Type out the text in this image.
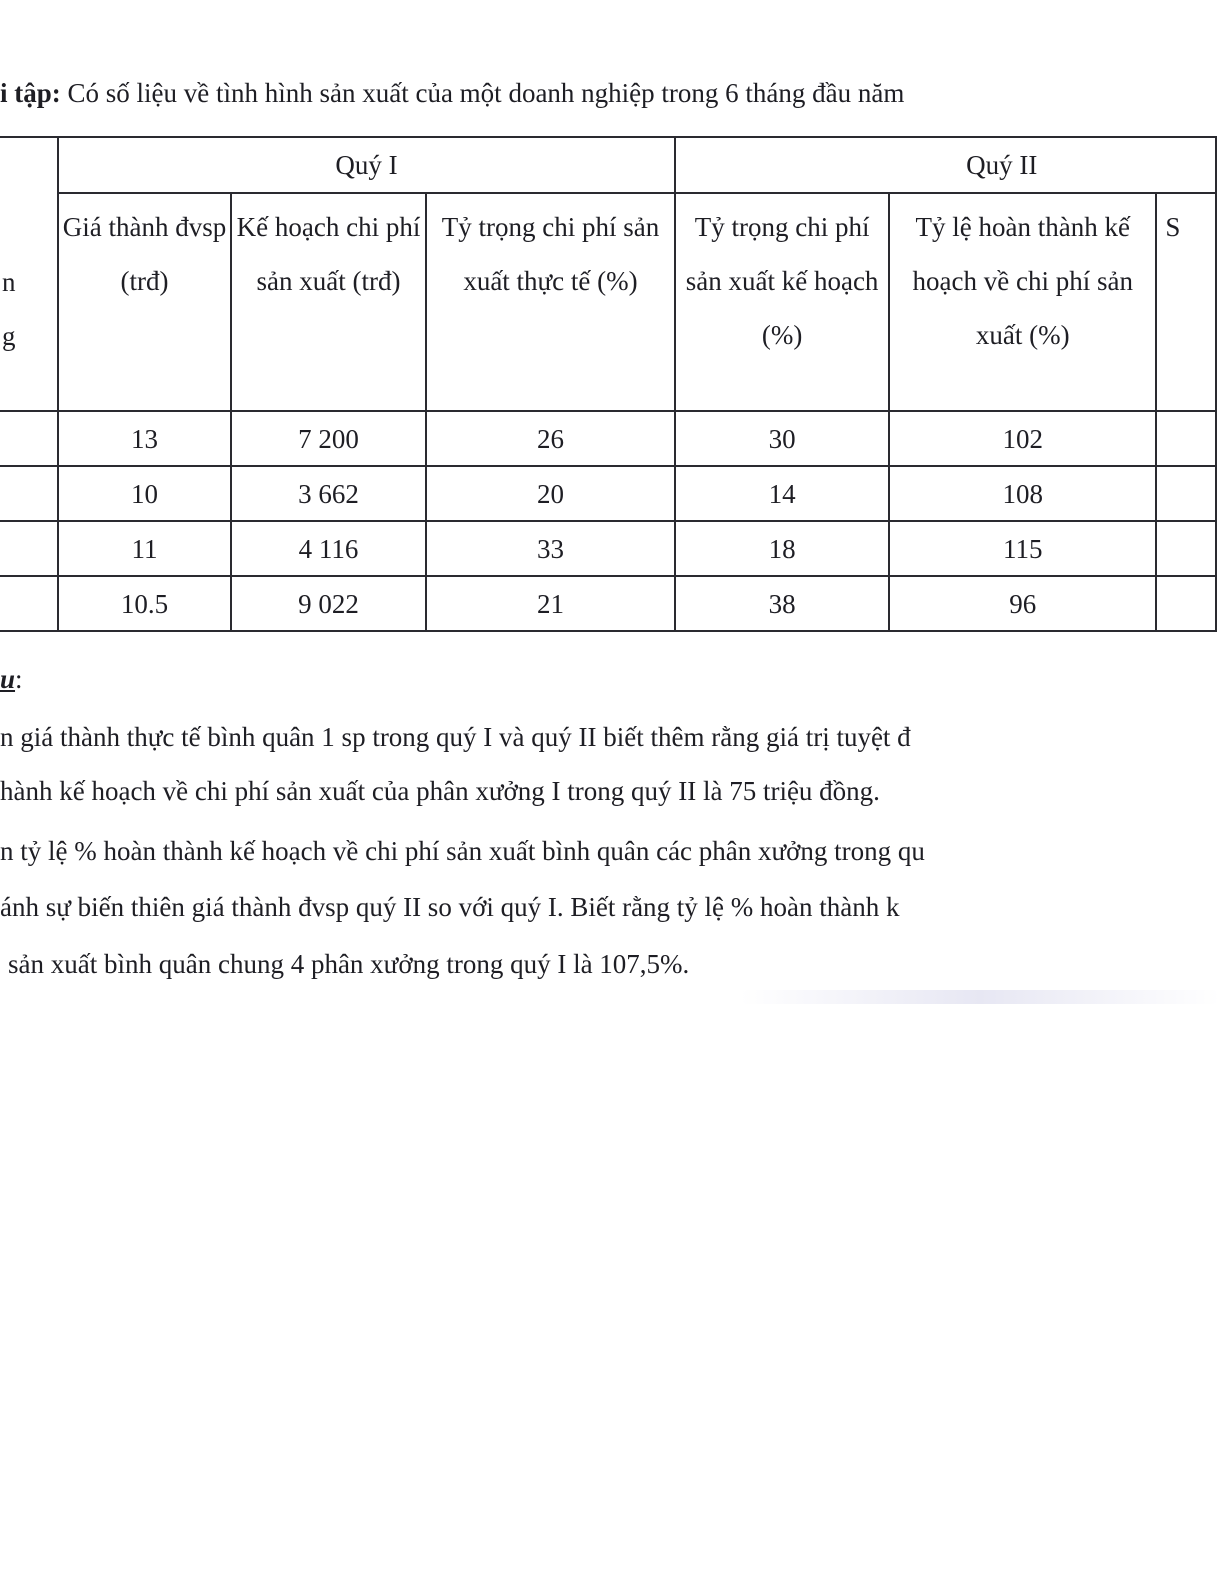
i tập: Có số liệu về tình hình sản xuất của một doanh nghiệp trong 6 tháng đầu năm
n
g	Quý I			Quý II		
	Giá thành đvsp (trđ)	Kế hoạch chi phí sản xuất (trđ)	Tỷ trọng chi phí sản xuất thực tế (%)	Tỷ trọng chi phí sản xuất kế hoạch (%)	Tỷ lệ hoàn thành kế hoạch về chi phí sản xuất (%)	S
	13	7 200	26	30	102	
	10	3 662	20	14	108	
	11	4 116	33	18	115	
	10.5	9 022	21	38	96	
u:
n giá thành thực tế bình quân 1 sp trong quý I và quý II biết thêm rằng giá trị tuyệt đ
hành kế hoạch về chi phí sản xuất của phân xưởng I trong quý II là 75 triệu đồng.
n tỷ lệ % hoàn thành kế hoạch về chi phí sản xuất bình quân các phân xưởng trong qu
ánh sự biến thiên giá thành đvsp quý II so với quý I. Biết rằng tỷ lệ % hoàn thành k
sản xuất bình quân chung 4 phân xưởng trong quý I là 107,5%.
